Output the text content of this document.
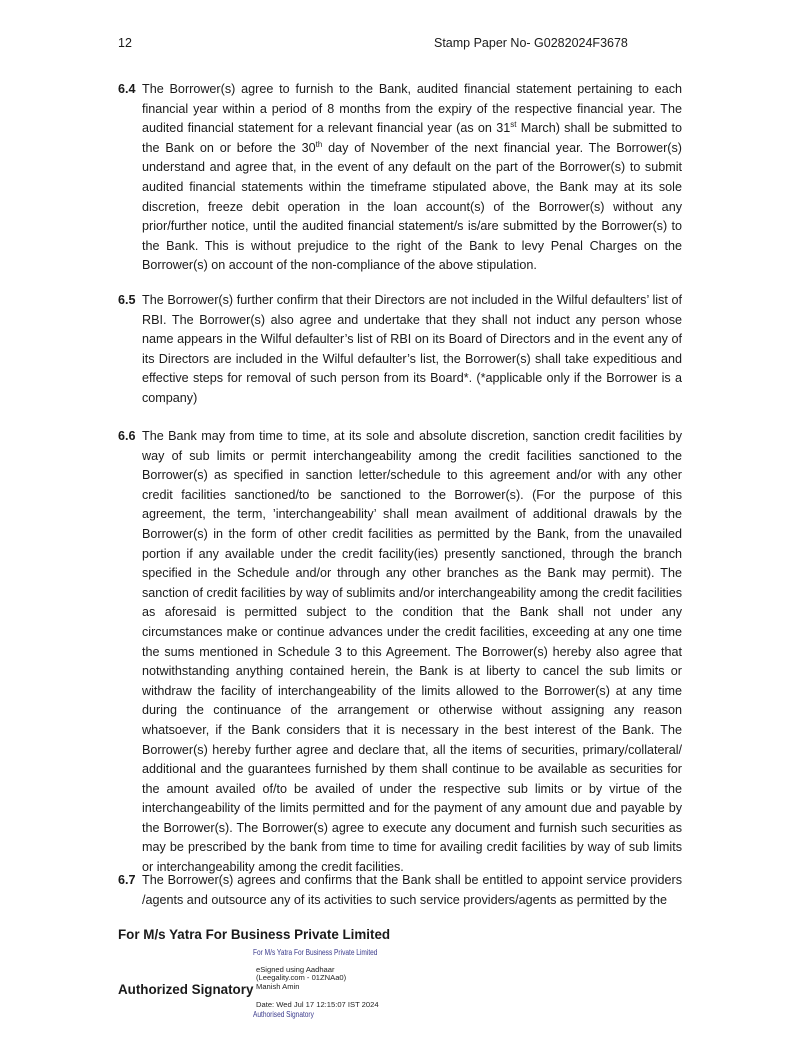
12	Stamp Paper No- G0282024F3678
6.4 The Borrower(s) agree to furnish to the Bank, audited financial statement pertaining to each financial year within a period of 8 months from the expiry of the respective financial year. The audited financial statement for a relevant financial year (as on 31st March) shall be submitted to the Bank on or before the 30th day of November of the next financial year. The Borrower(s) understand and agree that, in the event of any default on the part of the Borrower(s) to submit audited financial statements within the timeframe stipulated above, the Bank may at its sole discretion, freeze debit operation in the loan account(s) of the Borrower(s) without any prior/further notice, until the audited financial statement/s is/are submitted by the Borrower(s) to the Bank. This is without prejudice to the right of the Bank to levy Penal Charges on the Borrower(s) on account of the non-compliance of the above stipulation.
6.5 The Borrower(s) further confirm that their Directors are not included in the Wilful defaulters’ list of RBI. The Borrower(s) also agree and undertake that they shall not induct any person whose name appears in the Wilful defaulter’s list of RBI on its Board of Directors and in the event any of its Directors are included in the Wilful defaulter’s list, the Borrower(s) shall take expeditious and effective steps for removal of such person from its Board*. (*applicable only if the Borrower is a company)
6.6 The Bank may from time to time, at its sole and absolute discretion, sanction credit facilities by way of sub limits or permit interchangeability among the credit facilities sanctioned to the Borrower(s) as specified in sanction letter/schedule to this agreement and/or with any other credit facilities sanctioned/to be sanctioned to the Borrower(s). (For the purpose of this agreement, the term, ’interchangeability’ shall mean availment of additional drawals by the Borrower(s) in the form of other credit facilities as permitted by the Bank, from the unavailed portion if any available under the credit facility(ies) presently sanctioned, through the branch specified in the Schedule and/or through any other branches as the Bank may permit). The sanction of credit facilities by way of sublimits and/or interchangeability among the credit facilities as aforesaid is permitted subject to the condition that the Bank shall not under any circumstances make or continue advances under the credit facilities, exceeding at any one time the sums mentioned in Schedule 3 to this Agreement. The Borrower(s) hereby also agree that notwithstanding anything contained herein, the Bank is at liberty to cancel the sub limits or withdraw the facility of interchangeability of the limits allowed to the Borrower(s) at any time during the continuance of the arrangement or otherwise without assigning any reason whatsoever, if the Bank considers that it is necessary in the best interest of the Bank. The Borrower(s) hereby further agree and declare that, all the items of securities, primary/collateral/ additional and the guarantees furnished by them shall continue to be available as securities for the amount availed of/to be availed of under the respective sub limits or by virtue of the interchangeability of the limits permitted and for the payment of any amount due and payable by the Borrower(s). The Borrower(s) agree to execute any document and furnish such securities as may be prescribed by the bank from time to time for availing credit facilities by way of sub limits or interchangeability among the credit facilities.
6.7 The Borrower(s) agrees and confirms that the Bank shall be entitled to appoint service providers /agents and outsource any of its activities to such service providers/agents as permitted by the
For M/s Yatra For Business Private Limited
For M/s Yatra For Business Private Limited
eSigned using Aadhaar
(Leegality.com - 01ZNAa0)
Manish Amin
Authorized Signatory
Date: Wed Jul 17 12:15:07 IST 2024
Authorised Signatory
